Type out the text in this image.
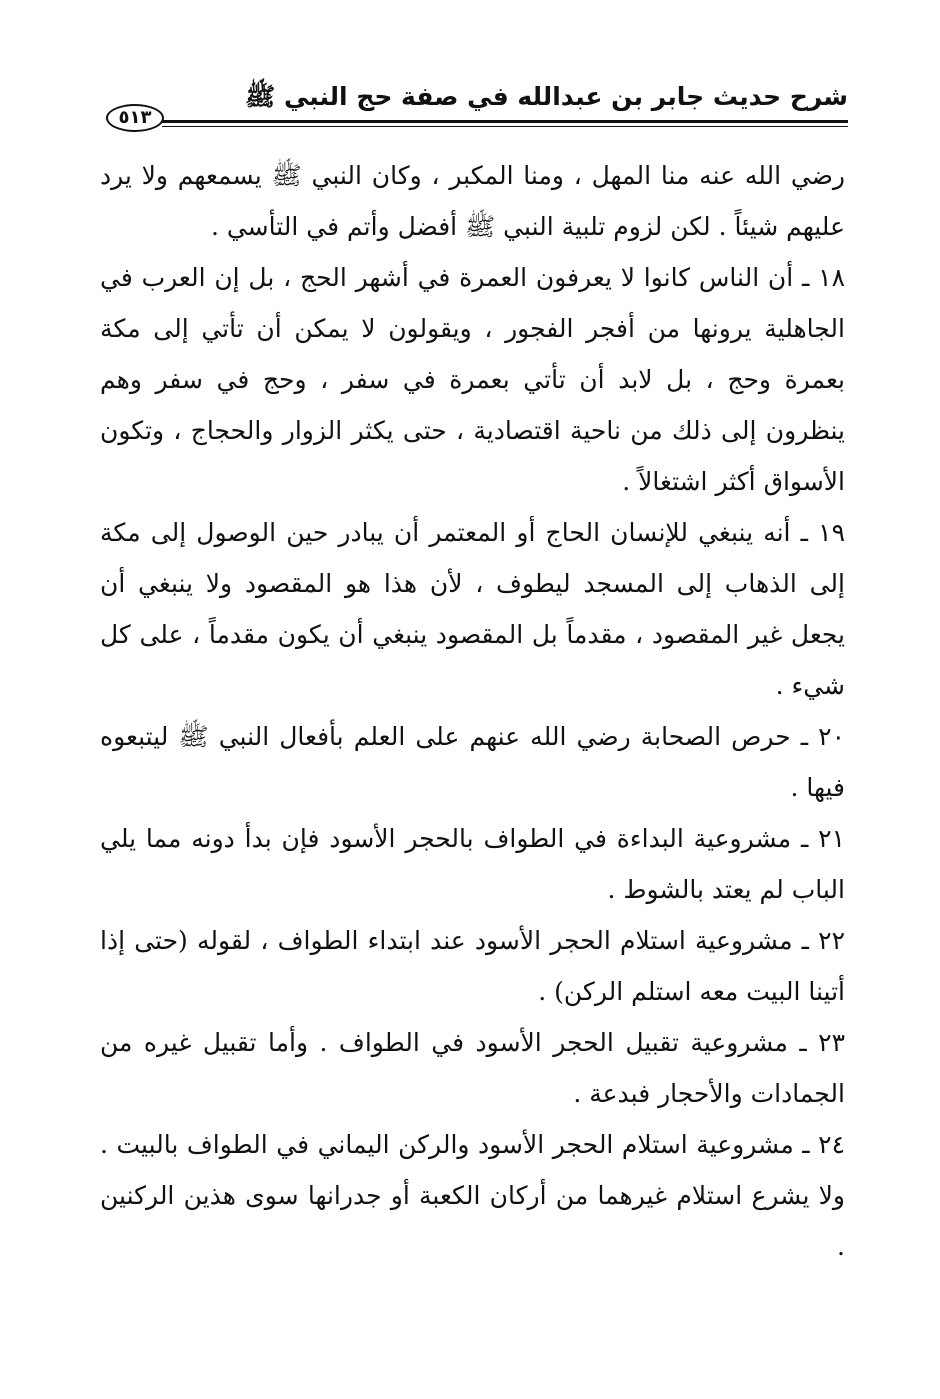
شرح حديث جابر بن عبدالله في صفة حج النبي ﷺ
٥١٣

رضي الله عنه منا المهل ، ومنا المكبر ، وكان النبي ﷺ يسمعهم ولا يرد عليهم شيئاً . لكن لزوم تلبية النبي ﷺ أفضل وأتم في التأسي .

١٨ ـ أن الناس كانوا لا يعرفون العمرة في أشهر الحج ، بل إن العرب في الجاهلية يرونها من أفجر الفجور ، ويقولون لا يمكن أن تأتي إلى مكة بعمرة وحج ، بل لابد أن تأتي بعمرة في سفر ، وحج في سفر وهم ينظرون إلى ذلك من ناحية اقتصادية ، حتى يكثر الزوار والحجاج ، وتكون الأسواق أكثر اشتغالاً .

١٩ ـ أنه ينبغي للإنسان الحاج أو المعتمر أن يبادر حين الوصول إلى مكة إلى الذهاب إلى المسجد ليطوف ، لأن هذا هو المقصود ولا ينبغي أن يجعل غير المقصود ، مقدماً بل المقصود ينبغي أن يكون مقدماً ، على كل شيء .

٢٠ ـ حرص الصحابة رضي الله عنهم على العلم بأفعال النبي ﷺ ليتبعوه فيها .

٢١ ـ مشروعية البداءة في الطواف بالحجر الأسود فإن بدأ دونه مما يلي الباب لم يعتد بالشوط .

٢٢ ـ مشروعية استلام الحجر الأسود عند ابتداء الطواف ، لقوله (حتى إذا أتينا البيت معه استلم الركن) .

٢٣ ـ مشروعية تقبيل الحجر الأسود في الطواف . وأما تقبيل غيره من الجمادات والأحجار فبدعة .

٢٤ ـ مشروعية استلام الحجر الأسود والركن اليماني في الطواف بالبيت . ولا يشرع استلام غيرهما من أركان الكعبة أو جدرانها سوى هذين الركنين .
